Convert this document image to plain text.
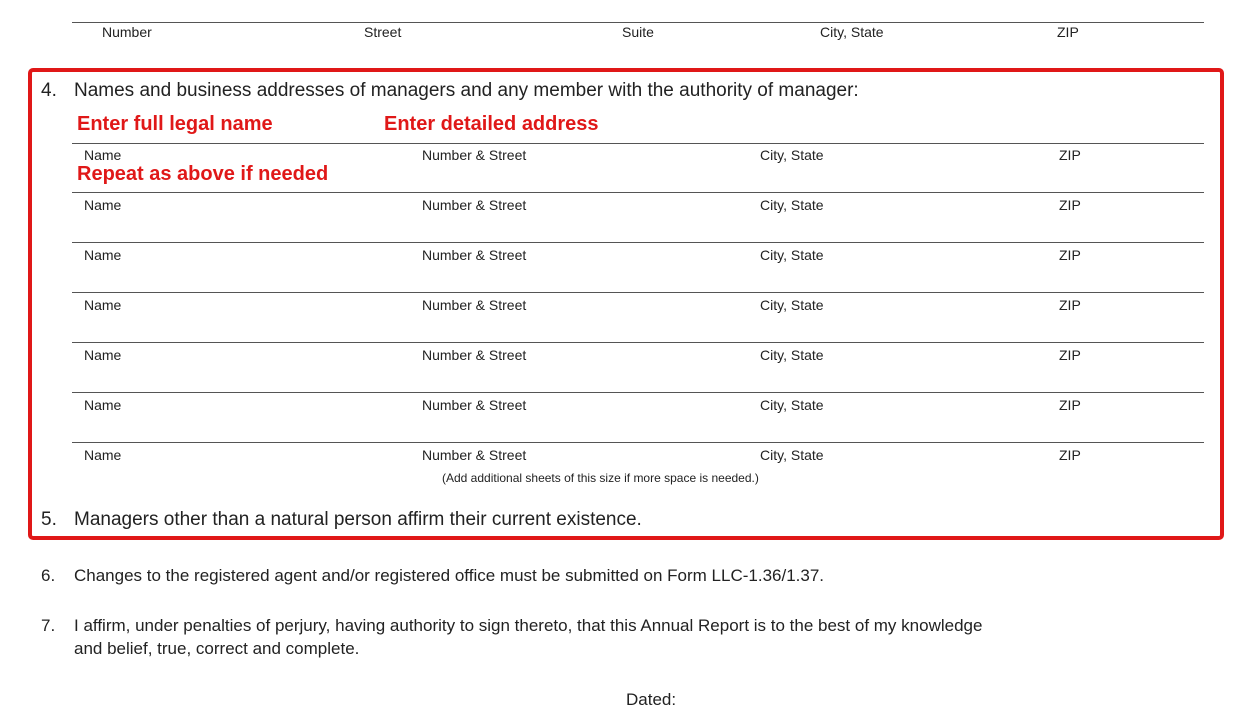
Number	Street	Suite	City, State	ZIP
4. Names and business addresses of managers and any member with the authority of manager:
Enter full legal name	Enter detailed address
Repeat as above if needed
Name	Number & Street	City, State	ZIP
Name	Number & Street	City, State	ZIP
Name	Number & Street	City, State	ZIP
Name	Number & Street	City, State	ZIP
Name	Number & Street	City, State	ZIP
Name	Number & Street	City, State	ZIP
Name	Number & Street	City, State	ZIP
(Add additional sheets of this size if more space is needed.)
5. Managers other than a natural person affirm their current existence.
6. Changes to the registered agent and/or registered office must be submitted on Form LLC-1.36/1.37.
7. I affirm, under penalties of perjury, having authority to sign thereto, that this Annual Report is to the best of my knowledge
and belief, true, correct and complete.
Dated:
